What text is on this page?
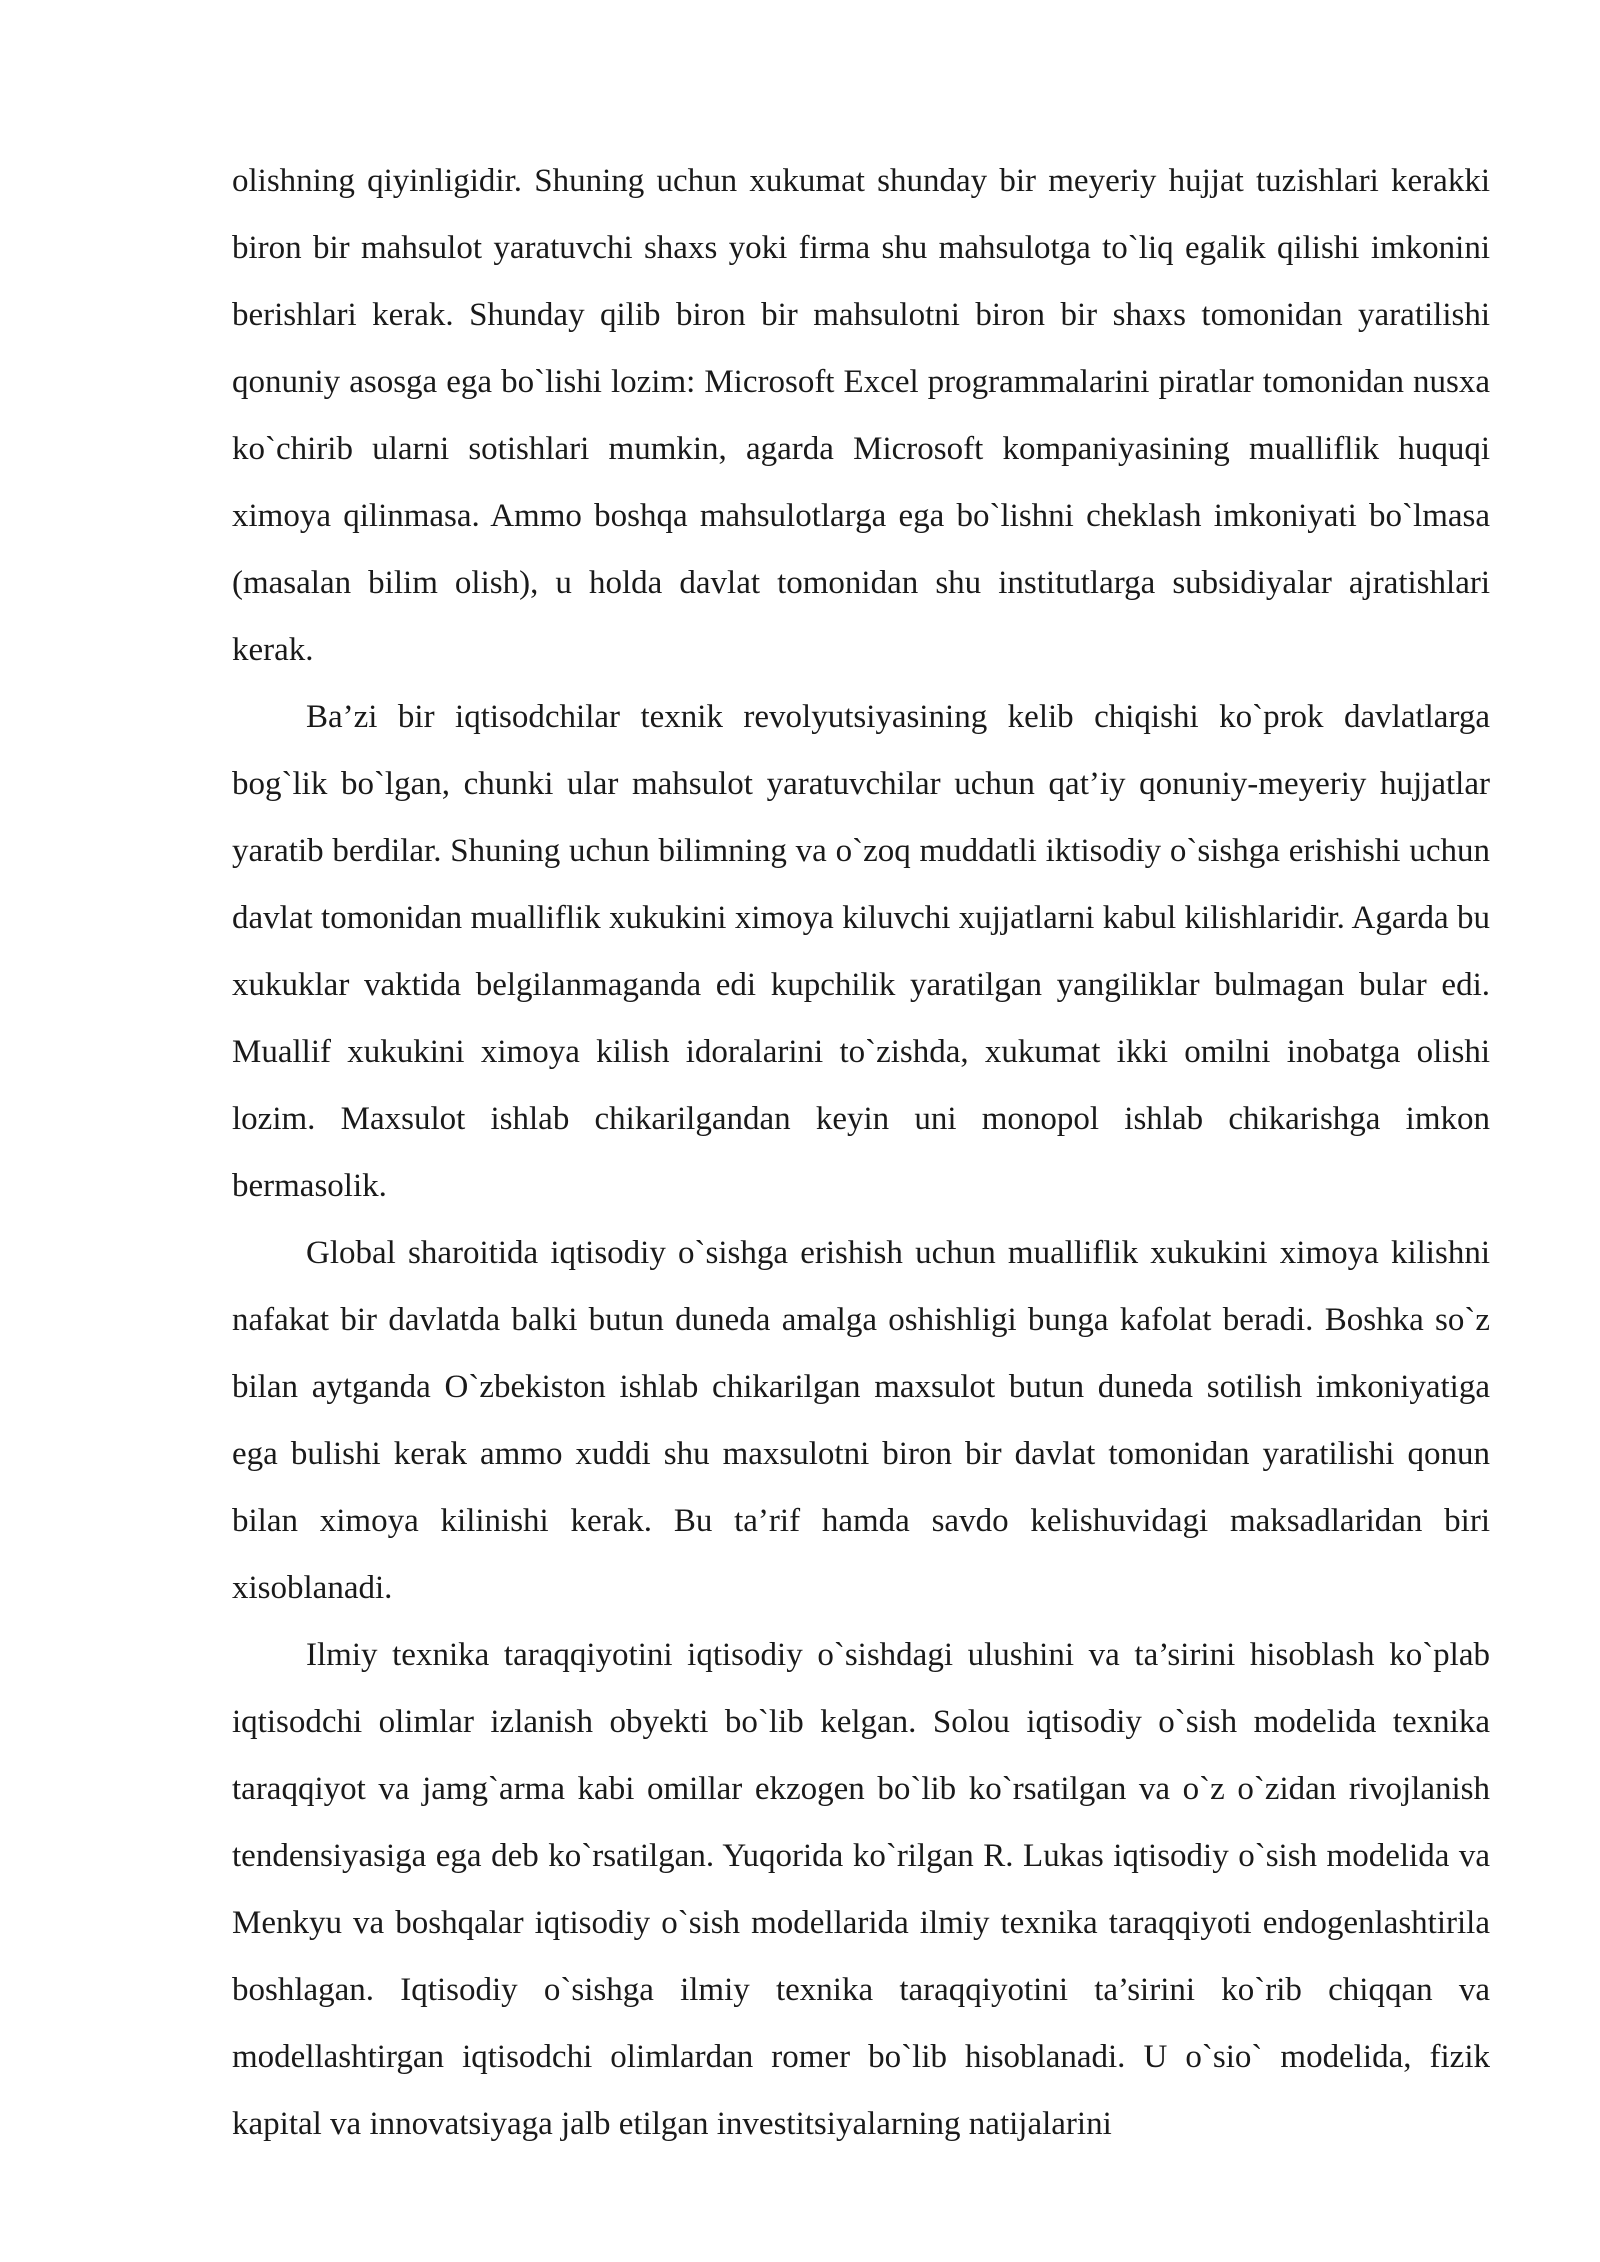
olishning qiyinligidir. Shuning uchun xukumat shunday bir meyeriy hujjat tuzishlari kerakki biron bir mahsulot yaratuvchi shaxs yoki firma shu mahsulotga to`liq egalik qilishi imkonini berishlari kerak. Shunday qilib biron bir mahsulotni biron bir shaxs tomonidan yaratilishi qonuniy asosga ega bo`lishi lozim: Microsoft Excel programmalarini piratlar tomonidan nusxa ko`chirib ularni sotishlari mumkin, agarda Microsoft kompaniyasining mualliflik huquqi ximoya qilinmasa. Ammo boshqa mahsulotlarga ega bo`lishni cheklash imkoniyati bo`lmasa (masalan bilim olish), u holda davlat tomonidan shu institutlarga subsidiyalar ajratishlari kerak.

Ba’zi bir iqtisodchilar texnik revolyutsiyasining kelib chiqishi ko`prok davlatlarga bog`lik bo`lgan, chunki ular mahsulot yaratuvchilar uchun qat’iy qonuniy-meyeriy hujjatlar yaratib berdilar. Shuning uchun bilimning va o`zoq muddatli iktisodiy o`sishga erishishi uchun davlat tomonidan mualliflik xukukini ximoya kiluvchi xujjatlarni kabul kilishlaridir. Agarda bu xukuklar vaktida belgilanmaganda edi kupchilik yaratilgan yangiliklar bulmagan bular edi. Muallif xukukini ximoya kilish idoralarini to`zishda, xukumat ikki omilni inobatga olishi lozim. Maxsulot ishlab chikarilgandan keyin uni monopol ishlab chikarishga imkon bermasolik.

Global sharoitida iqtisodiy o`sishga erishish uchun mualliflik xukukini ximoya kilishni nafakat bir davlatda balki butun duneda amalga oshishligi bunga kafolat beradi. Boshka so`z bilan aytganda O`zbekiston ishlab chikarilgan maxsulot butun duneda sotilish imkoniyatiga ega bulishi kerak ammo xuddi shu maxsulotni biron bir davlat tomonidan yaratilishi qonun bilan ximoya kilinishi kerak. Bu ta’rif hamda savdo kelishuvidagi maksadlaridan biri xisoblanadi.

Ilmiy texnika taraqqiyotini iqtisodiy o`sishdagi ulushini va ta’sirini hisoblash ko`plab iqtisodchi olimlar izlanish obyekti bo`lib kelgan. Solou iqtisodiy o`sish modelida texnika taraqqiyot va jamg`arma kabi omillar ekzogen bo`lib ko`rsatilgan va o`z o`zidan rivojlanish tendensiyasiga ega deb ko`rsatilgan. Yuqorida ko`rilgan R. Lukas iqtisodiy o`sish modelida va Menkyu va boshqalar iqtisodiy o`sish modellarida ilmiy texnika taraqqiyoti endogenlashtirila boshlagan. Iqtisodiy o`sishga ilmiy texnika taraqqiyotini ta’sirini ko`rib chiqqan va modellashtirgan iqtisodchi olimlardan romer bo`lib hisoblanadi. U o`sio` modelida, fizik kapital va innovatsiyaga jalb etilgan investitsiyalarning natijalarini
